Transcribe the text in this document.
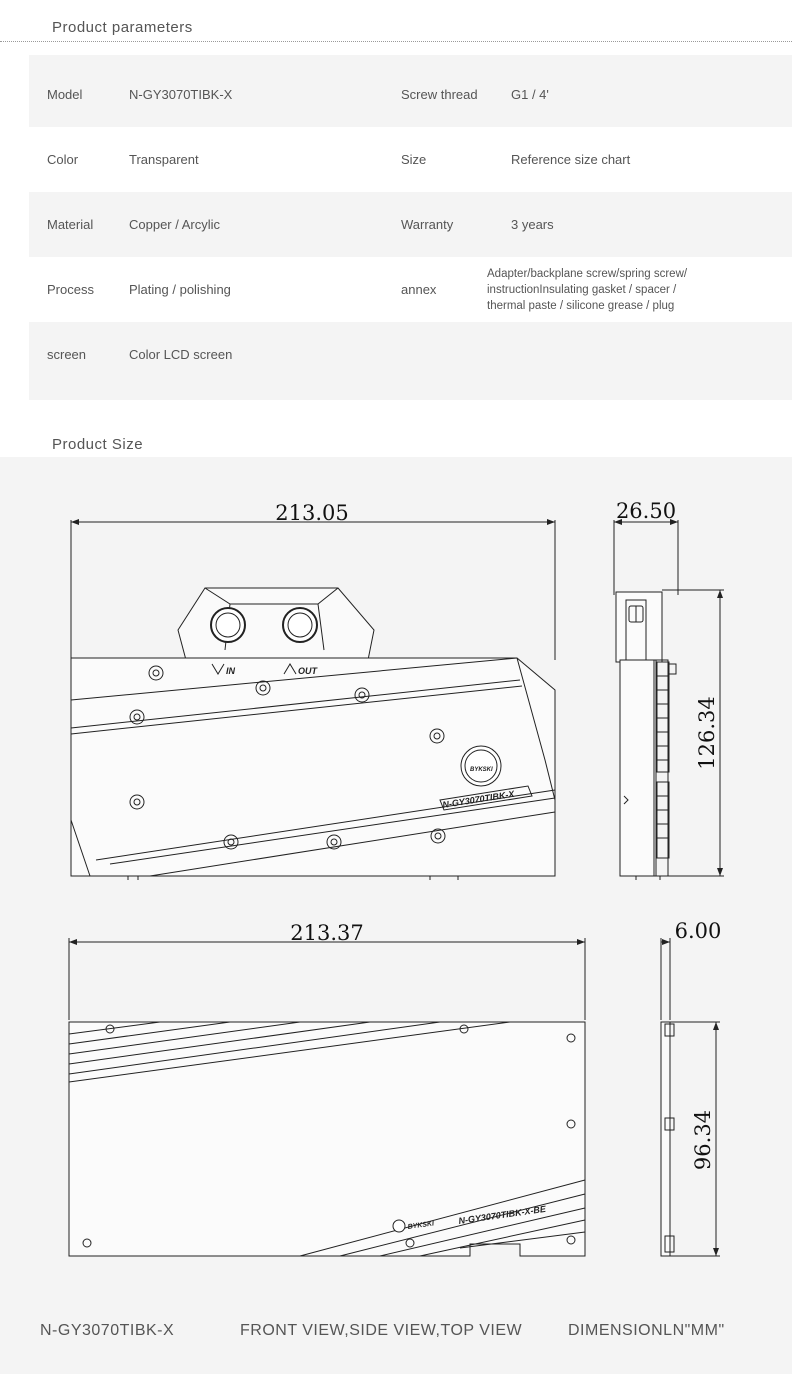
Product parameters
Model	N-GY3070TIBK-X	Screw thread	G1 / 4'
Color	Transparent	Size	Reference size chart
Material	Copper / Arcylic	Warranty	3 years
Process	Plating / polishing	annex
Adapter/backplane screw/spring screw/
instructionInsulating gasket / spacer /
thermal paste / silicone grease / plug
screen	Color LCD screen
Product Size
213.05
IN	OUT
BYKSKI
N-GY3070TIBK-X
26.50
126.34
213.37
BYKSKI	N-GY3070TIBK-X-BE
6.00
96.34
N-GY3070TIBK-X	FRONT VIEW,SIDE VIEW,TOP VIEW	DIMENSIONLN"MM"
